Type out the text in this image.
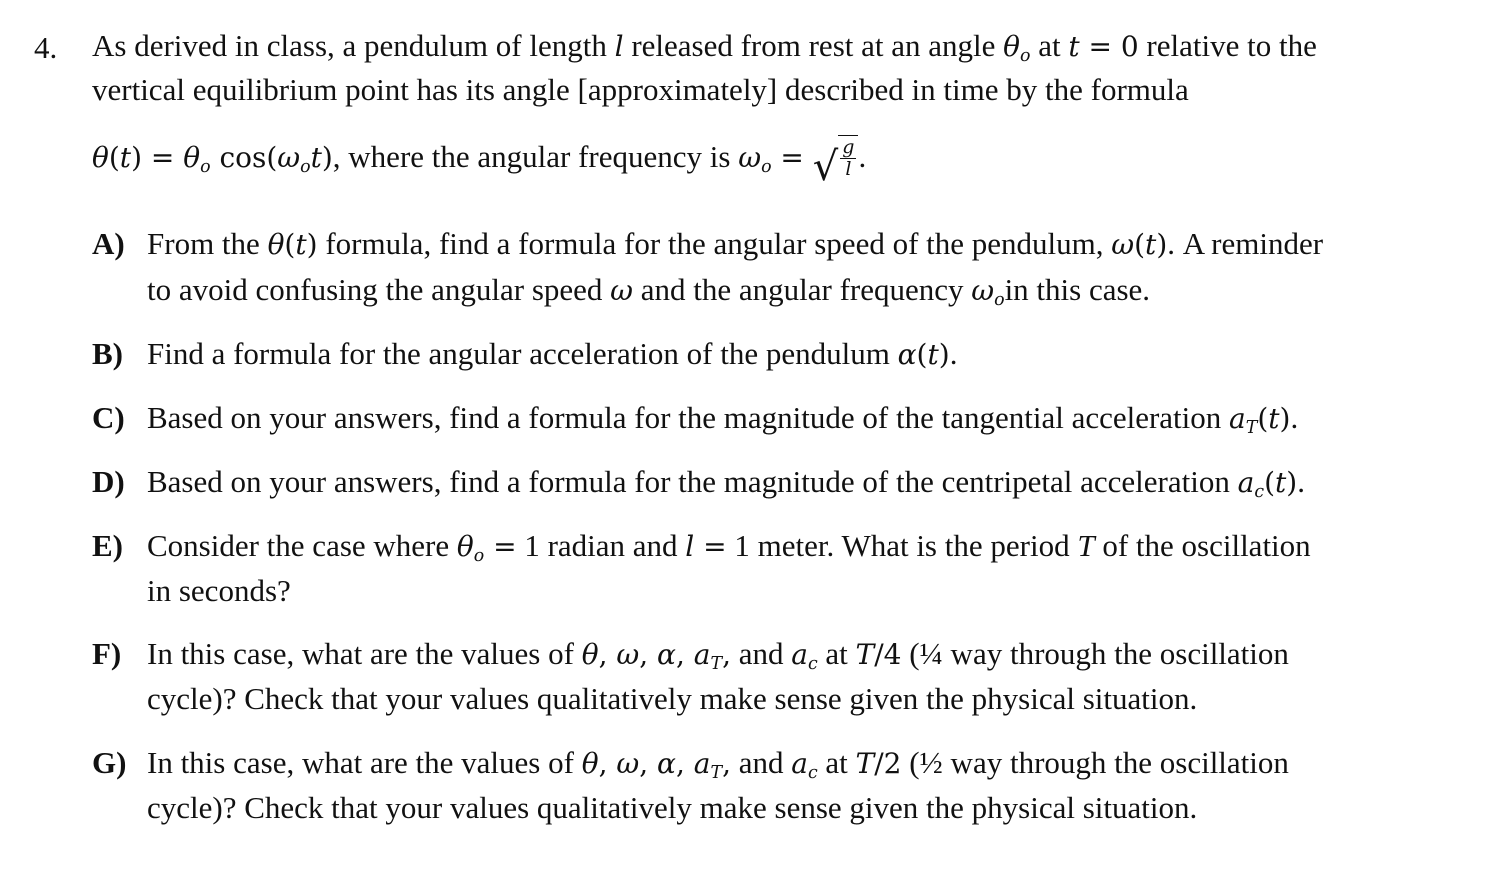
4. As derived in class, a pendulum of length l released from rest at an angle $\theta_o$ at t = 0 relative to the
vertical equilibrium point has its angle [approximately] described in time by the formula
$\theta(t) = \theta_o$ $\cos(\omega_ot)$, where the angular frequency is $\omega_o$ = √ $\frac{g}{l}$ .
A) From the θ(t) formula, find a formula for the angular speed of the pendulum, ω(t). A reminder
to avoid confusing the angular speed ω and the angular frequency $\omega_oin$ this case.
B) Find a formula for the angular acceleration of the pendulum α(t).
C) Based on your answers, find a formula for the magnitude of the tangential acceleration $a_T(t)$.
D) Based on your answers, find a formula for the magnitude of the centripetal acceleration $a_c(t)$.
E) Consider the case where $\theta_o = 1$ radian and l = 1 meter. What is the period T of the oscillation
in seconds?
F) In this case, what are the values of θ, ω, α, $a_T$, and $a_c$ at T/4 (¼ way through the oscillation
cycle)? Check that your values qualitatively make sense given the physical situation.
G) In this case, what are the values of θ, ω, α, $a_T$, and $a_c$ at T/2 (½ way through the oscillation
cycle)? Check that your values qualitatively make sense given the physical situation.
